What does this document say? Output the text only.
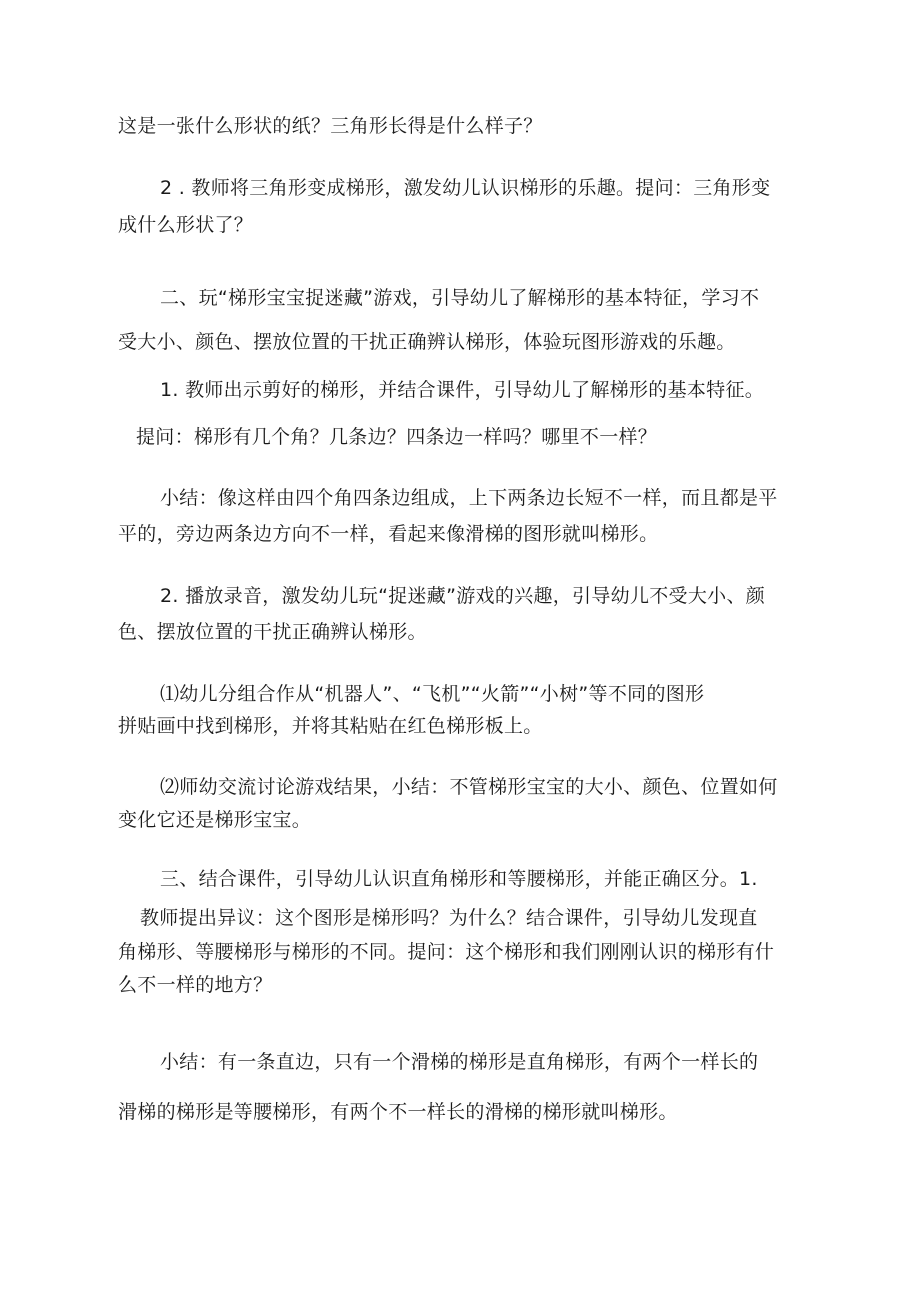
这是一张什么形状的纸？三角形长得是什么样子？
2 . 教师将三角形变成梯形，激发幼儿认识梯形的乐趣。提问：三角形变
成什么形状了？
二、玩“梯形宝宝捉迷藏”游戏，引导幼儿了解梯形的基本特征，学习不
受大小、颜色、摆放位置的干扰正确辨认梯形，体验玩图形游戏的乐趣。
1. 教师出示剪好的梯形，并结合课件，引导幼儿了解梯形的基本特征。
提问：梯形有几个角？几条边？四条边一样吗？哪里不一样？
小结：像这样由四个角四条边组成，上下两条边长短不一样，而且都是平
平的，旁边两条边方向不一样，看起来像滑梯的图形就叫梯形。
2. 播放录音，激发幼儿玩“捉迷藏”游戏的兴趣，引导幼儿不受大小、颜
色、摆放位置的干扰正确辨认梯形。
⑴幼儿分组合作从“机器人”、“飞机”“火箭”“小树”等不同的图形
拼贴画中找到梯形，并将其粘贴在红色梯形板上。
⑵师幼交流讨论游戏结果，小结：不管梯形宝宝的大小、颜色、位置如何
变化它还是梯形宝宝。
三、结合课件，引导幼儿认识直角梯形和等腰梯形，并能正确区分。1.
教师提出异议：这个图形是梯形吗？为什么？结合课件，引导幼儿发现直
角梯形、等腰梯形与梯形的不同。提问：这个梯形和我们刚刚认识的梯形有什
么不一样的地方？
小结：有一条直边，只有一个滑梯的梯形是直角梯形，有两个一样长的
滑梯的梯形是等腰梯形，有两个不一样长的滑梯的梯形就叫梯形。
